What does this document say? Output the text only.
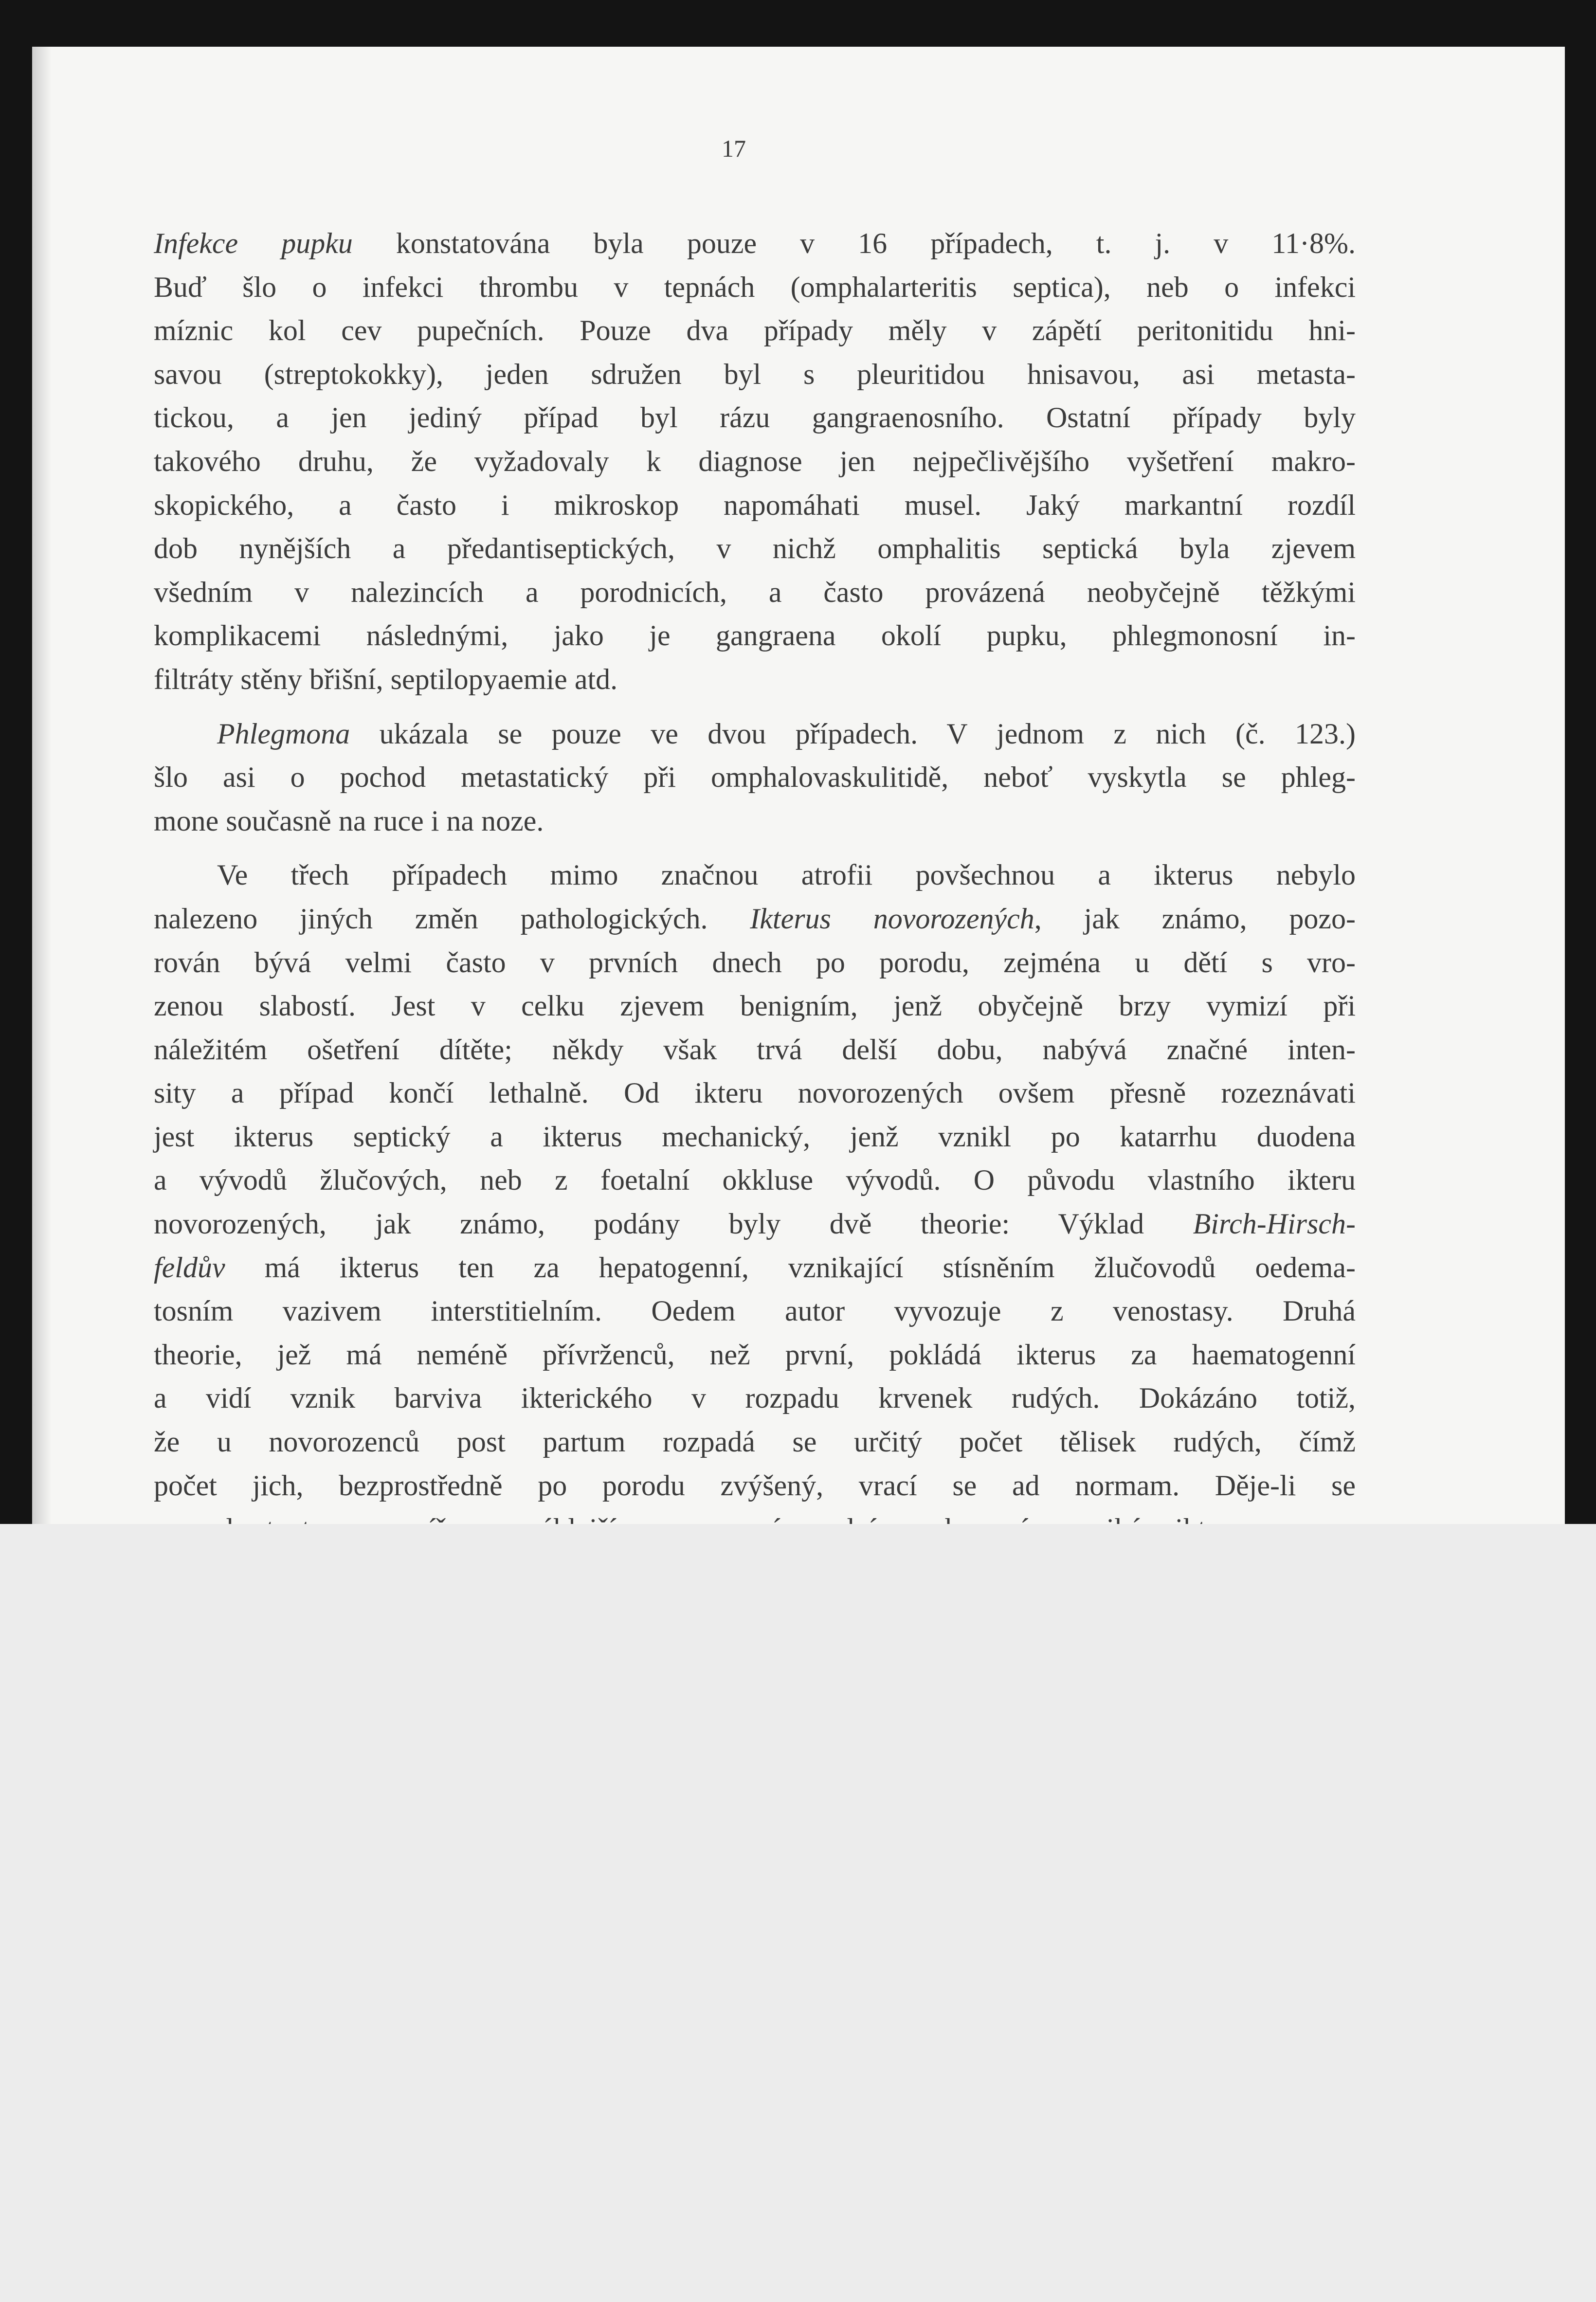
17
Infekce pupku konstatována byla pouze v 16 případech, t. j. v 11·8%.
Buď šlo o infekci thrombu v tepnách (omphalarteritis septica), neb o infekci
míznic kol cev pupečních. Pouze dva případy měly v zápětí peritonitidu hni-
savou (streptokokky), jeden sdružen byl s pleuritidou hnisavou, asi metasta-
tickou, a jen jediný případ byl rázu gangraenosního. Ostatní případy byly
takového druhu, že vyžadovaly k diagnose jen nejpečlivějšího vyšetření makro-
skopického, a často i mikroskop napomáhati musel. Jaký markantní rozdíl
dob nynějších a předantiseptických, v nichž omphalitis septická byla zjevem
všedním v nalezincích a porodnicích, a často provázená neobyčejně těžkými
komplikacemi následnými, jako je gangraena okolí pupku, phlegmonosní in-
filtráty stěny břišní, septilopyaemie atd.
Phlegmona ukázala se pouze ve dvou případech. V jednom z nich (č. 123.)
šlo asi o pochod metastatický při omphalovaskulitidě, neboť vyskytla se phleg-
mone současně na ruce i na noze.
Ve třech případech mimo značnou atrofii povšechnou a ikterus nebylo
nalezeno jiných změn pathologických. Ikterus novorozených, jak známo, pozo-
rován bývá velmi často v prvních dnech po porodu, zejména u dětí s vro-
zenou slabostí. Jest v celku zjevem benigním, jenž obyčejně brzy vymizí při
náležitém ošetření dítěte; někdy však trvá delší dobu, nabývá značné inten-
sity a případ končí lethalně. Od ikteru novorozených ovšem přesně rozeznávati
jest ikterus septický a ikterus mechanický, jenž vznikl po katarrhu duodena
a vývodů žlučových, neb z foetalní okkluse vývodů. O původu vlastního ikteru
novorozených, jak známo, podány byly dvě theorie: Výklad Birch-Hirsch-
feldův má ikterus ten za hepatogenní, vznikající stísněním žlučovodů oedema-
tosním vazivem interstitielním. Oedem autor vyvozuje z venostasy. Druhá
theorie, jež má neméně přívrženců, než první, pokládá ikterus za haematogenní
a vidí vznik barviva ikterického v rozpadu krvenek rudých. Dokázáno totiž,
že u novorozenců post partum rozpadá se určitý počet tělisek rudých, čímž
počet jich, bezprostředně po porodu zvýšený, vrací se ad normam. Děje-li se
